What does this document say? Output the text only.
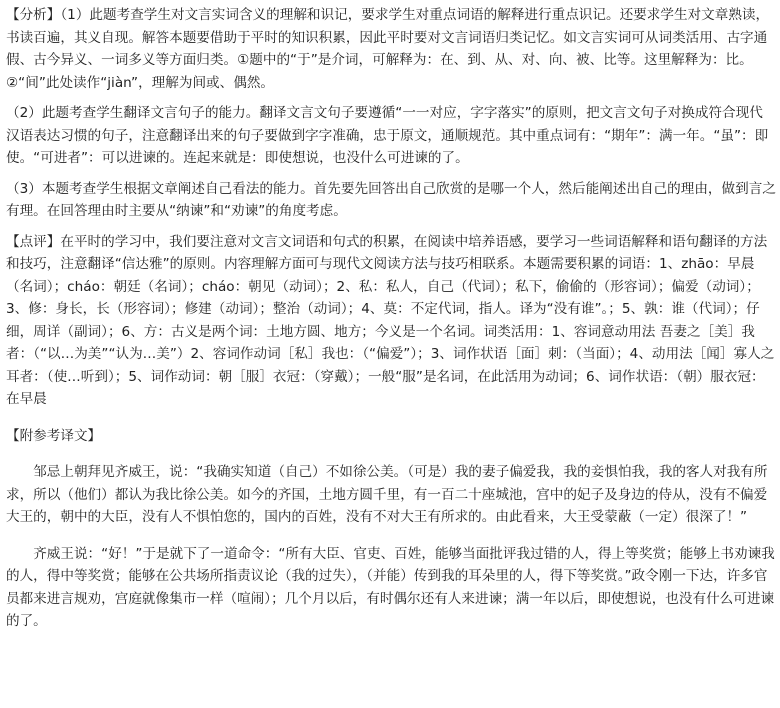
【分析】（1）此题考查学生对文言实词含义的理解和识记，要求学生对重点词语的解释进行重点识记。还要求学生对文章熟读，书读百遍，其义自现。解答本题要借助于平时的知识积累，因此平时要对文言词语归类记忆。如文言实词可从词类活用、古字通假、古今异义、一词多义等方面归类。①题中的“于”是介词，可解释为：在、到、从、对、向、被、比等。这里解释为：比。②“间”此处读作“jiàn”，理解为间或、偶然。

（2）此题考查学生翻译文言句子的能力。翻译文言文句子要遵循“一一对应，字字落实”的原则，把文言文句子对换成符合现代汉语表达习惯的句子，注意翻译出来的句子要做到字字准确，忠于原文，通顺规范。其中重点词有：“期年”：满一年。“虽”：即使。“可进者”：可以进谏的。连起来就是：即使想说，也没什么可进谏的了。

（3）本题考查学生根据文章阐述自己看法的能力。首先要先回答出自己欣赏的是哪一个人，然后能阐述出自己的理由，做到言之有理。在回答理由时主要从“纳谏”和“劝谏”的角度考虑。

【点评】在平时的学习中，我们要注意对文言文词语和句式的积累，在阅读中培养语感，要学习一些词语解释和语句翻译的方法和技巧，注意翻译“信达雅”的原则。内容理解方面可与现代文阅读方法与技巧相联系。本题需要积累的词语：1、zhāo：早晨（名词）；cháo：朝廷（名词）；cháo：朝见（动词）；2、私：私人，自己（代词）；私下，偷偷的（形容词）；偏爱（动词）；3、修：身长，长（形容词）；修建（动词）；整治（动词）；4、莫：不定代词，指人。译为“没有谁”。；5、孰：谁（代词）；仔细，周详（副词）；6、方：古义是两个词：土地方圆、地方；今义是一个名词。词类活用：1、容词意动用法 吾妻之［美］我者：（“以…为美”“认为…美”）2、容词作动词［私］我也：（“偏爱”）；3、词作状语［面］刺：（当面）；4、动用法［闻］寡人之耳者：（使…听到）；5、词作动词：朝［服］衣冠：（穿戴）；一般“服”是名词，在此活用为动词；6、词作状语：（朝）服衣冠：在早晨

【附参考译文】

邹忌上朝拜见齐威王，说：“我确实知道（自己）不如徐公美。（可是）我的妻子偏爱我，我的妾惧怕我，我的客人对我有所求，所以（他们）都认为我比徐公美。如今的齐国，土地方圆千里，有一百二十座城池，宫中的妃子及身边的侍从，没有不偏爱大王的，朝中的大臣，没有人不惧怕您的，国内的百姓，没有不对大王有所求的。由此看来，大王受蒙蔽（一定）很深了！”

齐威王说：“好！”于是就下了一道命令：“所有大臣、官吏、百姓，能够当面批评我过错的人，得上等奖赏；能够上书劝谏我的人，得中等奖赏；能够在公共场所指责议论（我的过失），（并能）传到我的耳朵里的人，得下等奖赏。”政令刚一下达，许多官员都来进言规劝，宫庭就像集市一样（喧闹）；几个月以后，有时偶尔还有人来进谏；满一年以后，即使想说，也没有什么可进谏的了。
